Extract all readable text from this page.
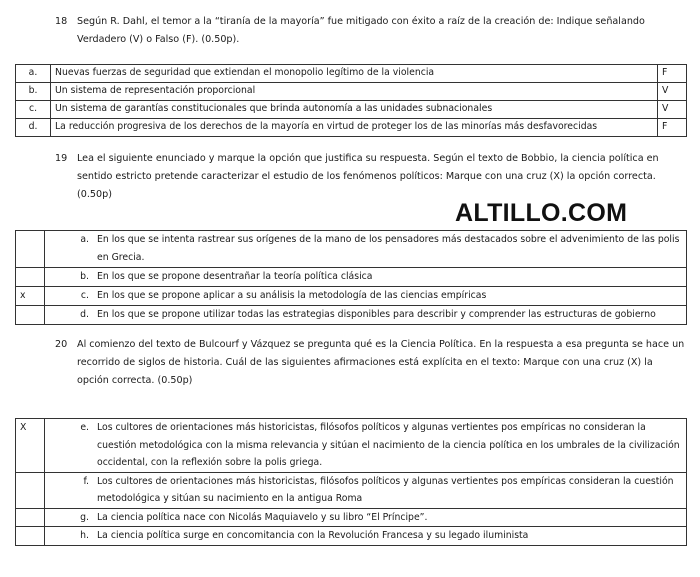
18 Según R. Dahl, el temor a la “tiranía de la mayoría” fue mitigado con éxito a raíz de la creación de: Indique señalando
Verdadero (V) o Falso (F). (0.50p).
a.	Nuevas fuerzas de seguridad que extiendan el monopolio legítimo de la violencia	F
b.	Un sistema de representación proporcional	V
c.	Un sistema de garantías constitucionales que brinda autonomía a las unidades subnacionales	V
d.	La reducción progresiva de los derechos de la mayoría en virtud de proteger los de las minorías más desfavorecidas	F
19 Lea el siguiente enunciado y marque la opción que justifica su respuesta. Según el texto de Bobbio, la ciencia política en
sentido estricto pretende caracterizar el estudio de los fenómenos políticos: Marque con una cruz (X) la opción correcta.
(0.50p)
ALTILLO.COM
	a.	En los que se intenta rastrear sus orígenes de la mano de los pensadores más destacados sobre el advenimiento de las polis
en Grecia.

	b.	En los que se propone desentrañar la teoría política clásica
x	c.	En los que se propone aplicar a su análisis la metodología de las ciencias empíricas
	d.	En los que se propone utilizar todas las estrategias disponibles para describir y comprender las estructuras de gobierno
20 Al comienzo del texto de Bulcourf y Vázquez se pregunta qué es la Ciencia Política. En la respuesta a esa pregunta se hace un
recorrido de siglos de historia. Cuál de las siguientes afirmaciones está explícita en el texto: Marque con una cruz (X) la
opción correcta. (0.50p)
X	e.	Los cultores de orientaciones más historicistas, filósofos políticos y algunas vertientes pos empíricas no consideran la
cuestión metodológica con la misma relevancia y sitúan el nacimiento de la ciencia política en los umbrales de la civilización
occidental, con la reflexión sobre la polis griega.

	f.	Los cultores de orientaciones más historicistas, filósofos políticos y algunas vertientes pos empíricas consideran la cuestión
metodológica y sitúan su nacimiento en la antigua Roma

	g.	La ciencia política nace con Nicolás Maquiavelo y su libro “El Príncipe”.
	h.	La ciencia política surge en concomitancia con la Revolución Francesa y su legado iluminista
